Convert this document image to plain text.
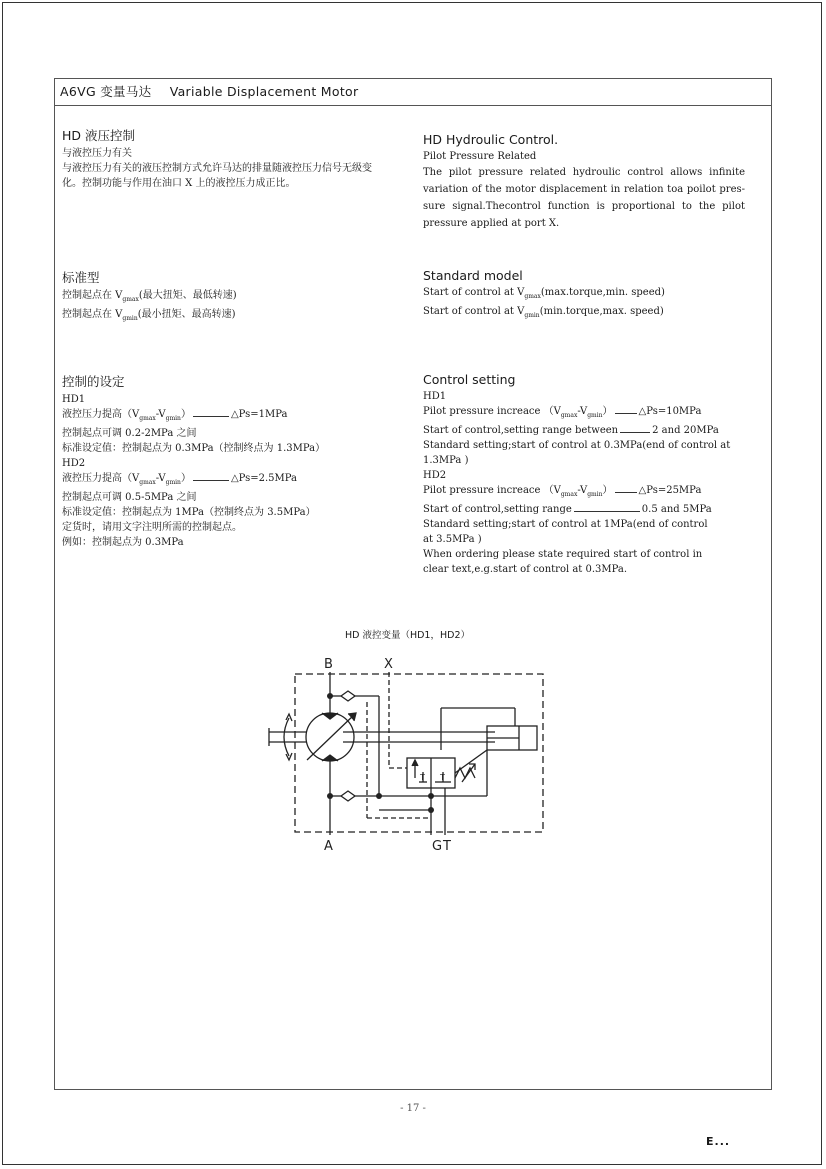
A6VG 变量马达 Variable Displacement Motor
HD 液压控制
与液控压力有关
与液控压力有关的液压控制方式允许马达的排量随液控压力信号无级变
化。控制功能与作用在油口 X 上的液控压力成正比。
HD Hydroulic Control.
Pilot Pressure Related
The pilot pressure related hydroulic control allows infinite variation of the motor displacement in relation toa poilot pres-sure signal.Thecontrol function is proportional to the pilot pressure applied at port X.
标准型
控制起点在 $V_{gmax}$(最大扭矩、最低转速)
控制起点在 $V_{gmin}$(最小扭矩、最高转速)
Standard model
Start of control at $V_{gmax}(\max.torque,\min$. speed)
Start of control at $V_{gmin}(\min.torque,\max$. speed)
控制的设定
HD1
液控压力提高$(V_{gmax}-V_{gmin})$	△Ps=1MPa
控制起点可调 0.2-2MPa 之间
标准设定值：控制起点为 0.3MPa（控制终点为 1.3MPa）
HD2
液控压力提高$(V_{gmax}-V_{gmin})$	△Ps=2.5MPa
控制起点可调 0.5-5MPa 之间
标准设定值：控制起点为 1MPa（控制终点为 3.5MPa）
定货时，请用文字注明所需的控制起点。
例如：控制起点为 0.3MPa
Control setting
HD1
Pilot pressure increace $(V_{gmax}-V_{gmin})$	△Ps=10MPa
Start of control,setting range between	2 and 20MPa
Standard setting;start of control at 0.3MPa(end of control at
1.3MPa )
HD2
Pilot pressure increace $(V_{gmax}-V_{gmin})$	△Ps=25MPa
Start of control,setting range	0.5 and 5MPa
Standard setting;start of control at 1MPa(end of control
at 3.5MPa )
When ordering please state required start of control in
clear text,e.g.start of control at 0.3MPa.
HD 液控变量（HD1，HD2）
B	X
A	G T
T T
- 17 -
E...
